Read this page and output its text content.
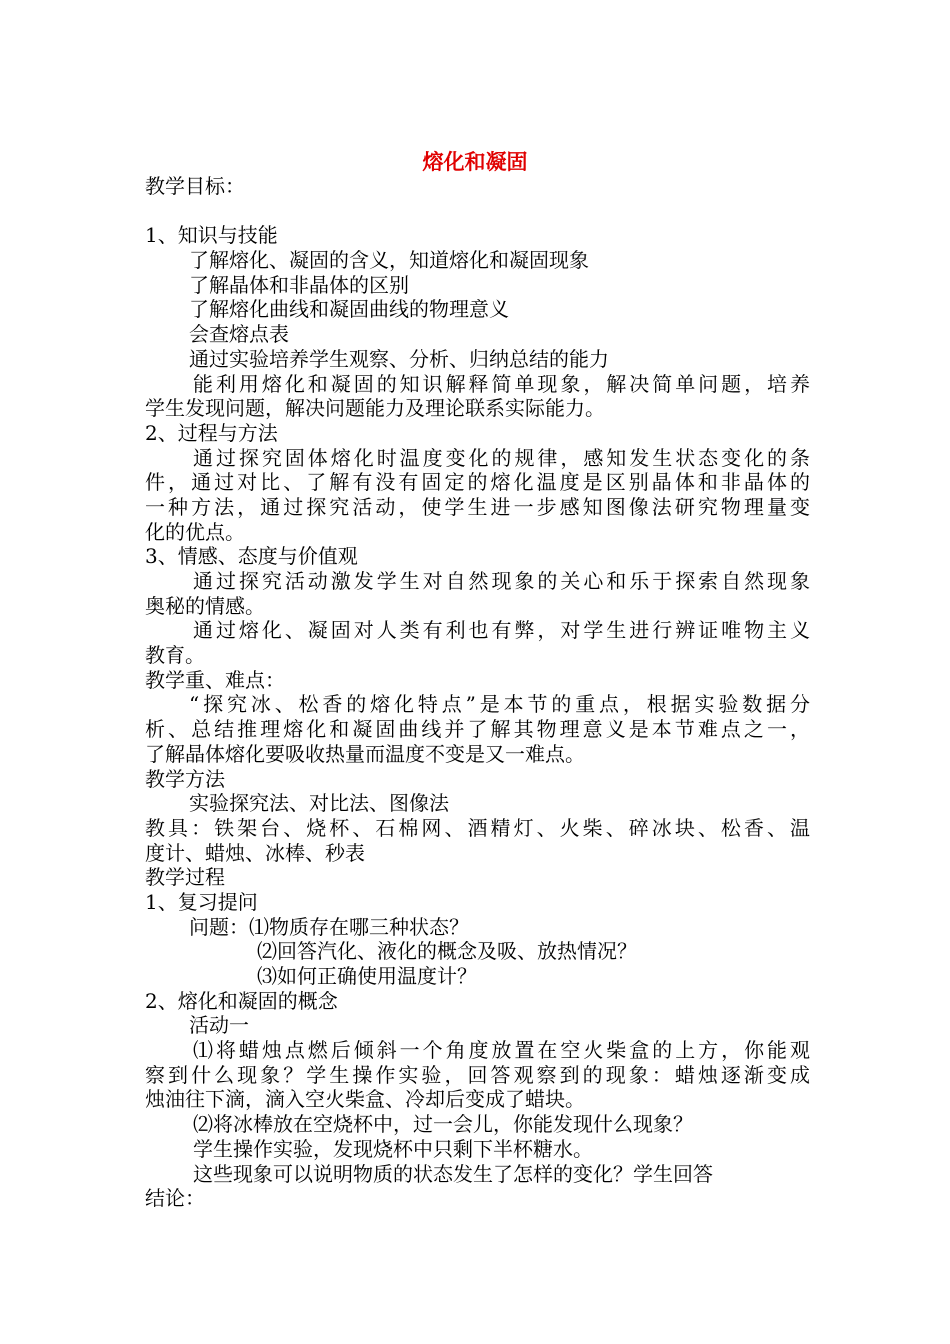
熔化和凝固
教学目标：
1、知识与技能
了解熔化、凝固的含义，知道熔化和凝固现象
了解晶体和非晶体的区别
了解熔化曲线和凝固曲线的物理意义
会查熔点表
通过实验培养学生观察、分析、归纳总结的能力
能利用熔化和凝固的知识解释简单现象，解决简单问题，培养
学生发现问题，解决问题能力及理论联系实际能力。
2、过程与方法
通过探究固体熔化时温度变化的规律，感知发生状态变化的条
件，通过对比、了解有没有固定的熔化温度是区别晶体和非晶体的
一种方法，通过探究活动，使学生进一步感知图像法研究物理量变
化的优点。
3、情感、态度与价值观
通过探究活动激发学生对自然现象的关心和乐于探索自然现象
奥秘的情感。
通过熔化、凝固对人类有利也有弊，对学生进行辨证唯物主义
教育。
教学重、难点：
“探究冰、松香的熔化特点”是本节的重点，根据实验数据分
析、总结推理熔化和凝固曲线并了解其物理意义是本节难点之一，
了解晶体熔化要吸收热量而温度不变是又一难点。
教学方法
实验探究法、对比法、图像法
教具：铁架台、烧杯、石棉网、酒精灯、火柴、碎冰块、松香、温
度计、蜡烛、冰棒、秒表
教学过程
1、复习提问
问题：⑴物质存在哪三种状态？
⑵回答汽化、液化的概念及吸、放热情况？
⑶如何正确使用温度计？
2、熔化和凝固的概念
活动一
⑴将蜡烛点燃后倾斜一个角度放置在空火柴盒的上方，你能观
察到什么现象？学生操作实验，回答观察到的现象：蜡烛逐渐变成
烛油往下滴，滴入空火柴盒、冷却后变成了蜡块。
⑵将冰棒放在空烧杯中，过一会儿，你能发现什么现象？
学生操作实验，发现烧杯中只剩下半杯糖水。
这些现象可以说明物质的状态发生了怎样的变化？学生回答
结论：
